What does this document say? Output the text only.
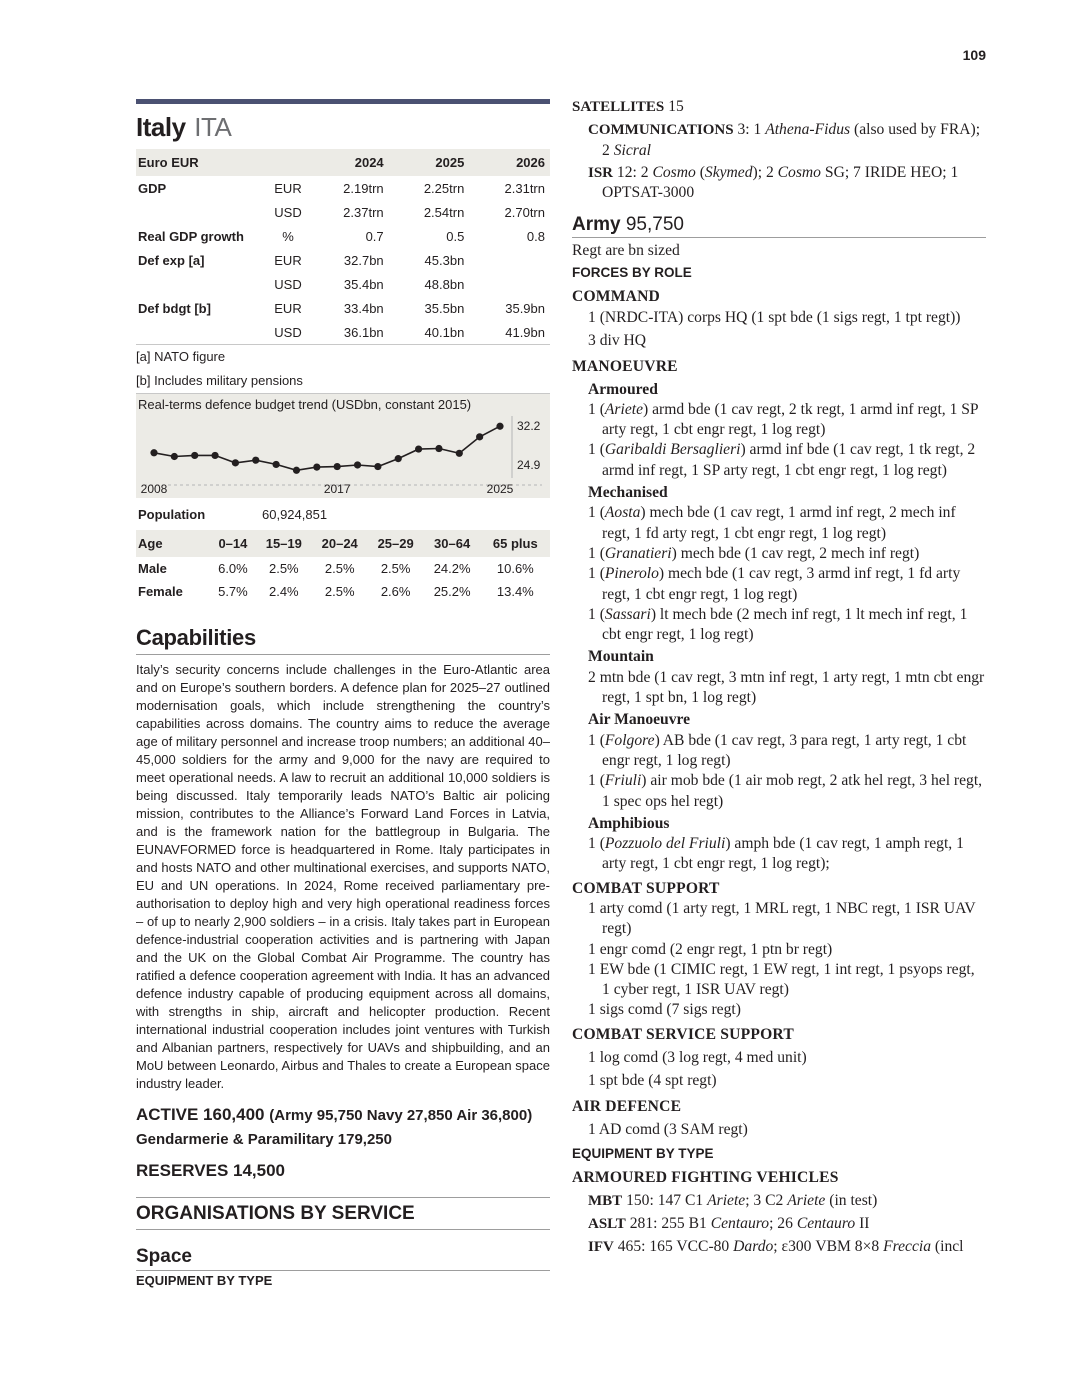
109
Italy ITA
Euro EUR		2024	2025	2026
GDP	EUR	2.19trn	2.25trn	2.31trn
	USD	2.37trn	2.54trn	2.70trn
Real GDP growth	%	0.7	0.5	0.8
Def exp [a]	EUR	32.7bn	45.3bn	
	USD	35.4bn	48.8bn	
Def bdgt [b]	EUR	33.4bn	35.5bn	35.9bn
	USD	36.1bn	40.1bn	41.9bn
[a] NATO figure
[b] Includes military pensions
Real-terms defence budget trend (USDbn, constant 2015)
2008	2017	2025
32.2
24.9
Population	60,924,851
Age	0–14	15–19	20–24	25–29	30–64	65 plus
Male	6.0%	2.5%	2.5%	2.5%	24.2%	10.6%
Female	5.7%	2.4%	2.5%	2.6%	25.2%	13.4%
Capabilities
Italy’s security concerns include challenges in the Euro-Atlantic area and on Europe’s southern borders. A defence plan for 2025–27 outlined modernisation goals, which include strengthening the country’s capabilities across domains. The country aims to reduce the average age of military personnel and increase troop numbers; an additional 40–45,000 soldiers for the army and 9,000 for the navy are required to meet operational needs. A law to recruit an additional 10,000 soldiers is being discussed. Italy temporarily leads NATO’s Baltic air policing mission, contributes to the Alliance’s Forward Land Forces in Latvia, and is the framework nation for the battlegroup in Bulgaria. The EUNAVFORMED force is headquartered in Rome. Italy participates in and hosts NATO and other multinational exercises, and supports NATO, EU and UN operations. In 2024, Rome received parliamentary pre-authorisation to deploy high and very high operational readiness forces – of up to nearly 2,900 soldiers – in a crisis. Italy takes part in European defence-industrial cooperation activities and is partnering with Japan and the UK on the Global Combat Air Programme. The country has ratified a defence cooperation agreement with India. It has an advanced defence industry capable of producing equipment across all domains, with strengths in ship, aircraft and helicopter production. Recent international industrial cooperation includes joint ventures with Turkish and Albanian partners, respectively for UAVs and shipbuilding, and an MoU between Leonardo, Airbus and Thales to create a European space industry leader.
ACTIVE 160,400 (Army 95,750 Navy 27,850 Air 36,800) Gendarmerie & Paramilitary 179,250
RESERVES 14,500
ORGANISATIONS BY SERVICE
Space
EQUIPMENT BY TYPE
SATELLITES 15
COMMUNICATIONS 3: 1 Athena-Fidus (also used by FRA); 2 Sicral
ISR 12: 2 Cosmo (Skymed); 2 Cosmo SG; 7 IRIDE HEO; 1 OPTSAT-3000
Army 95,750
Regt are bn sized
FORCES BY ROLE
COMMAND
1 (NRDC-ITA) corps HQ (1 spt bde (1 sigs regt, 1 tpt regt))
3 div HQ
MANOEUVRE
Armoured
1 (Ariete) armd bde (1 cav regt, 2 tk regt, 1 armd inf regt, 1 SP arty regt, 1 cbt engr regt, 1 log regt)
1 (Garibaldi Bersaglieri) armd inf bde (1 cav regt, 1 tk regt, 2 armd inf regt, 1 SP arty regt, 1 cbt engr regt, 1 log regt)
Mechanised
1 (Aosta) mech bde (1 cav regt, 1 armd inf regt, 2 mech inf regt, 1 fd arty regt, 1 cbt engr regt, 1 log regt)
1 (Granatieri) mech bde (1 cav regt, 2 mech inf regt)
1 (Pinerolo) mech bde (1 cav regt, 3 armd inf regt, 1 fd arty regt, 1 cbt engr regt, 1 log regt)
1 (Sassari) lt mech bde (2 mech inf regt, 1 lt mech inf regt, 1 cbt engr regt, 1 log regt)
Mountain
2 mtn bde (1 cav regt, 3 mtn inf regt, 1 arty regt, 1 mtn cbt engr regt, 1 spt bn, 1 log regt)
Air Manoeuvre
1 (Folgore) AB bde (1 cav regt, 3 para regt, 1 arty regt, 1 cbt engr regt, 1 log regt)
1 (Friuli) air mob bde (1 air mob regt, 2 atk hel regt, 3 hel regt, 1 spec ops hel regt)
Amphibious
1 (Pozzuolo del Friuli) amph bde (1 cav regt, 1 amph regt, 1 arty regt, 1 cbt engr regt, 1 log regt);
COMBAT SUPPORT
1 arty comd (1 arty regt, 1 MRL regt, 1 NBC regt, 1 ISR UAV regt)
1 engr comd (2 engr regt, 1 ptn br regt)
1 EW bde (1 CIMIC regt, 1 EW regt, 1 int regt, 1 psyops regt, 1 cyber regt, 1 ISR UAV regt)
1 sigs comd (7 sigs regt)
COMBAT SERVICE SUPPORT
1 log comd (3 log regt, 4 med unit)
1 spt bde (4 spt regt)
AIR DEFENCE
1 AD comd (3 SAM regt)
EQUIPMENT BY TYPE
ARMOURED FIGHTING VEHICLES
MBT 150: 147 C1 Ariete; 3 C2 Ariete (in test)
ASLT 281: 255 B1 Centauro; 26 Centauro II
IFV 465: 165 VCC-80 Dardo; ε300 VBM 8×8 Freccia (incl
